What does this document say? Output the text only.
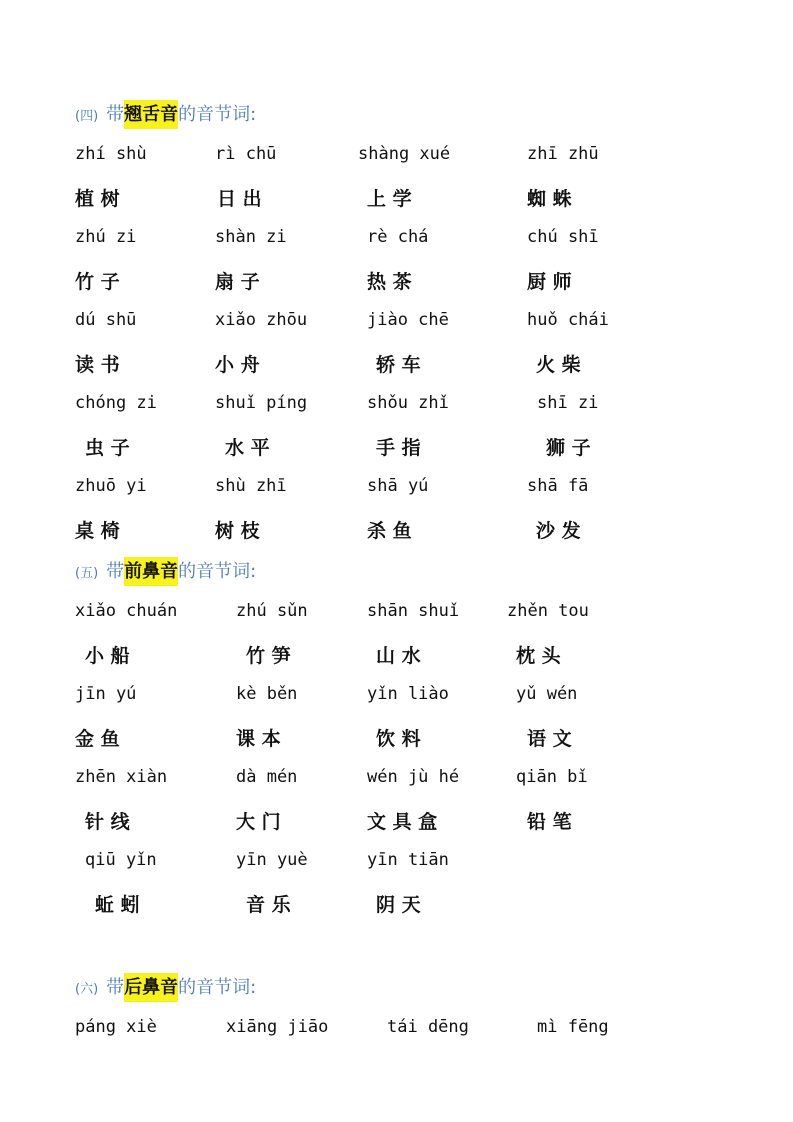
(四) 带翘舌音的音节词:
zhí shù	rì chū	shàng xué	zhī zhū
植 树	日 出	上 学	蜘 蛛
zhú zi	shàn zi	rè chá	chú shī
竹 子	扇 子	热 茶	厨 师
dú shū	xiǎo zhōu	jiào chē	huǒ chái
读 书	小 舟	轿 车	火 柴
chóng zi	shuǐ píng	shǒu zhǐ	shī zi
虫 子	水 平	手 指	狮 子
zhuō yi	shù zhī	shā yú	shā fā
桌 椅	树 枝	杀 鱼	沙 发
(五) 带前鼻音的音节词:
xiǎo chuán	zhú sǔn	shān shuǐ	zhěn tou
小 船	竹 笋	山 水	枕 头
jīn yú	kè běn	yǐn liào	yǔ wén
金 鱼	课 本	饮 料	语 文
zhēn xiàn	dà mén	wén jù hé	qiān bǐ
针 线	大 门	文 具 盒	铅 笔
qiū yǐn	yīn yuè	yīn tiān
蚯 蚓	音 乐	阴 天
(六) 带后鼻音的音节词:
páng xiè	xiāng jiāo	tái dēng	mì fēng
